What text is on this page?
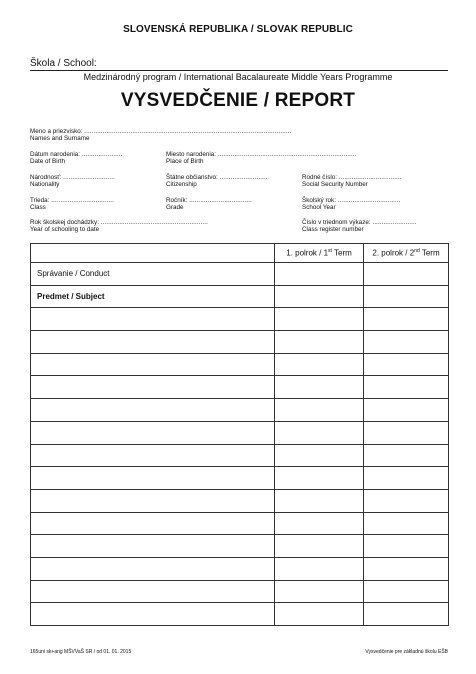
SLOVENSKÁ REPUBLIKA / SLOVAK REPUBLIC
Škola / School:
Medzinárodný program / International Bacalaureate Middle Years Programme
VYSVEDČENIE / REPORT
Meno a priezvisko: ................................................................................................................
Names and Surname
Dátum narodenia: ......................
Date of Birth
Miesto narodenia: ...........................................................................
Place of Birth
Národnosť: ............................
Nationality
Štátne občianstvo: ..........................
Citizenship
Rodné číslo: ..................................
Social Security Number
Trieda: ..................................
Class
Ročník: ..................................
Grade
Školský rok: ..................................
School Year
Rok školskej dochádzky: ..........................................................
Year of schooling to date
Číslo v triednom výkaze: ........................
Class register number
	1. polrok / 1st Term	2. polrok / 2nd Term
Správanie / Conduct		
Predmet / Subject		

165uni sk+ang MŠVVaŠ SR / od 01. 01. 2015	Vysvedčenie pre základnú školu EŠB
